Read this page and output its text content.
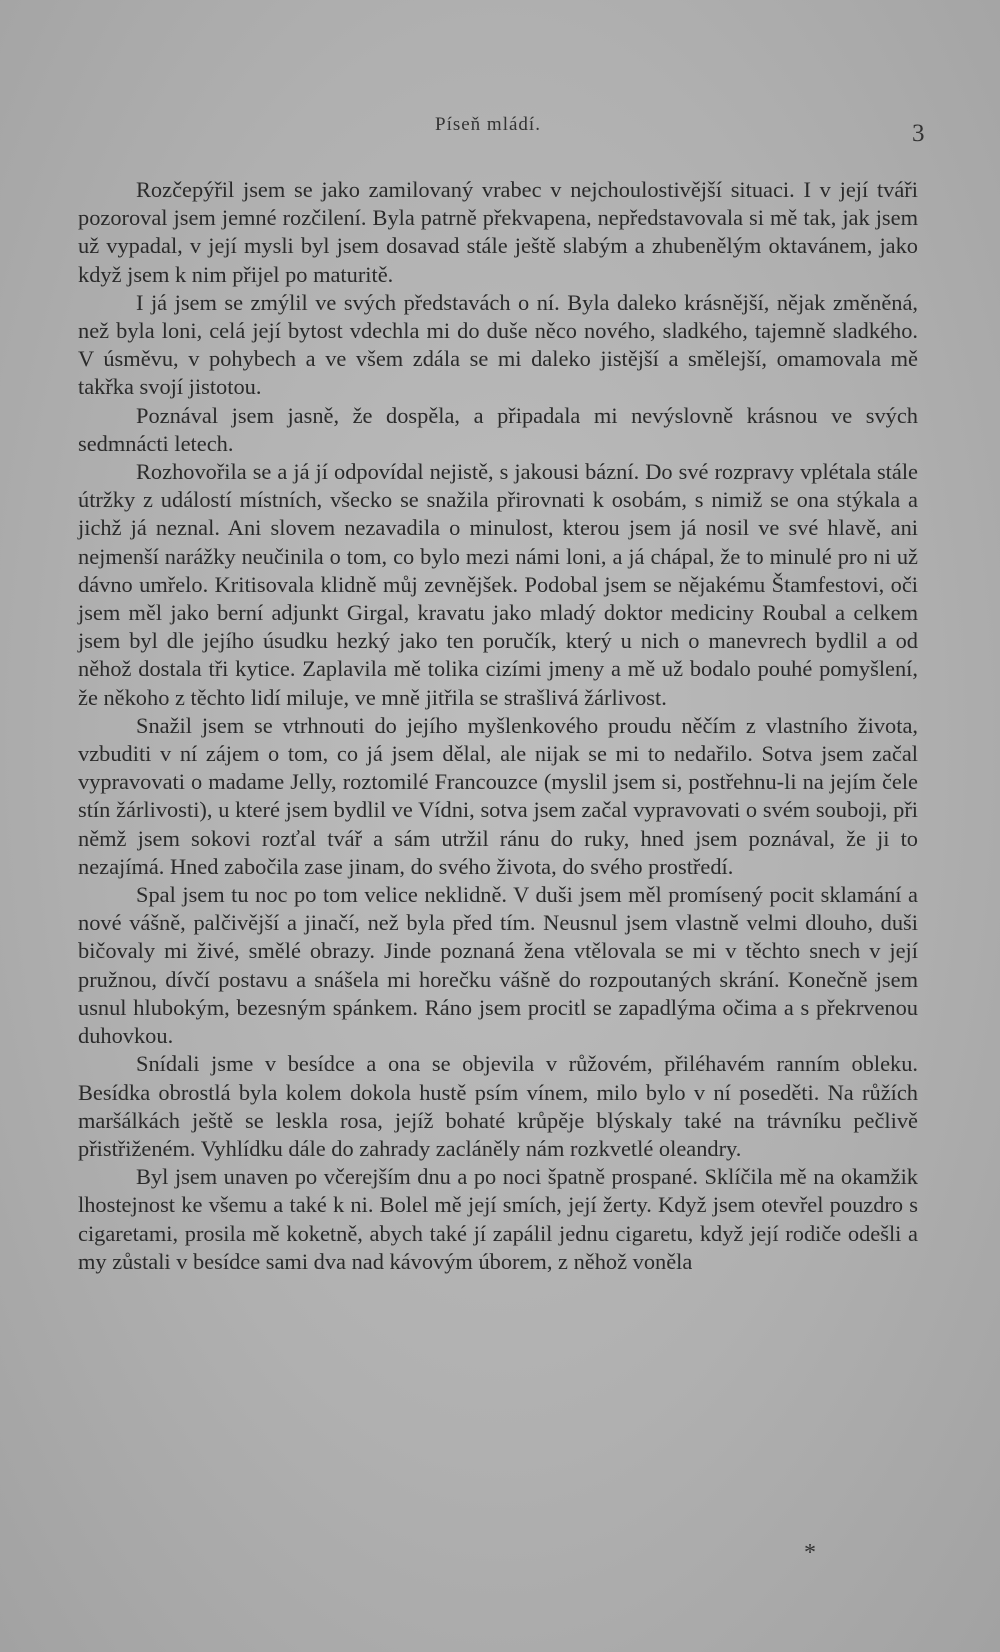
Píseň mládí.	3

Rozčepýřil jsem se jako zamilovaný vrabec v nejchoulostivější situaci. I v její tváři pozoroval jsem jemné rozčilení. Byla patrně překvapena, nepředstavovala si mě tak, jak jsem už vypadal, v její mysli byl jsem dosavad stále ještě slabým a zhubenělým oktavánem, jako když jsem k nim přijel po maturitě.

I já jsem se zmýlil ve svých představách o ní. Byla daleko krásnější, nějak změněná, než byla loni, celá její bytost vdechla mi do duše něco nového, sladkého, tajemně sladkého. V úsměvu, v pohybech a ve všem zdála se mi daleko jistější a smělejší, omamovala mě takřka svojí jistotou.

Poznával jsem jasně, že dospěla, a připadala mi nevýslovně krásnou ve svých sedmnácti letech.

Rozhovořila se a já jí odpovídal nejistě, s jakousi bázní. Do své rozpravy vplétala stále útržky z událostí místních, všecko se snažila přirovnati k osobám, s nimiž se ona stýkala a jichž já neznal. Ani slovem nezavadila o minulost, kterou jsem já nosil ve své hlavě, ani nejmenší narážky neučinila o tom, co bylo mezi námi loni, a já chápal, že to minulé pro ni už dávno umřelo. Kritisovala klidně můj zevnějšek. Podobal jsem se nějakému Štamfestovi, oči jsem měl jako berní adjunkt Girgal, kravatu jako mladý doktor mediciny Roubal a celkem jsem byl dle jejího úsudku hezký jako ten poručík, který u nich o manevrech bydlil a od něhož dostala tři kytice. Zaplavila mě tolika cizími jmeny a mě už bodalo pouhé pomyšlení, že někoho z těchto lidí miluje, ve mně jitřila se strašlivá žárlivost.

Snažil jsem se vtrhnouti do jejího myšlenkového proudu něčím z vlastního života, vzbuditi v ní zájem o tom, co já jsem dělal, ale nijak se mi to nedařilo. Sotva jsem začal vypravovati o madame Jelly, roztomilé Francouzce (myslil jsem si, postřehnu-li na jejím čele stín žárlivosti), u které jsem bydlil ve Vídni, sotva jsem začal vypravovati o svém souboji, při němž jsem sokovi rozťal tvář a sám utržil ránu do ruky, hned jsem poznával, že ji to nezajímá. Hned zabočila zase jinam, do svého života, do svého prostředí.

Spal jsem tu noc po tom velice neklidně. V duši jsem měl promísený pocit sklamání a nové vášně, palčivější a jinačí, než byla před tím. Neusnul jsem vlastně velmi dlouho, duši bičovaly mi živé, smělé obrazy. Jinde poznaná žena vtělovala se mi v těchto snech v její pružnou, dívčí postavu a snášela mi horečku vášně do rozpoutaných skrání. Konečně jsem usnul hlubokým, bezesným spánkem. Ráno jsem procitl se zapadlýma očima a s překrvenou duhovkou.

Snídali jsme v besídce a ona se objevila v růžovém, přiléhavém ranním obleku. Besídka obrostlá byla kolem dokola hustě psím vínem, milo bylo v ní poseděti. Na růžích maršálkách ještě se leskla rosa, jejíž bohaté krůpěje blýskaly také na trávníku pečlivě přistřiženém. Vyhlídku dále do zahrady zacláněly nám rozkvetlé oleandry.

Byl jsem unaven po včerejším dnu a po noci špatně prospané. Sklíčila mě na okamžik lhostejnost ke všemu a také k ni. Bolel mě její smích, její žerty. Když jsem otevřel pouzdro s cigaretami, prosila mě koketně, abych také jí zapálil jednu cigaretu, když její rodiče odešli a my zůstali v besídce sami dva nad kávovým úborem, z něhož voněla

*
